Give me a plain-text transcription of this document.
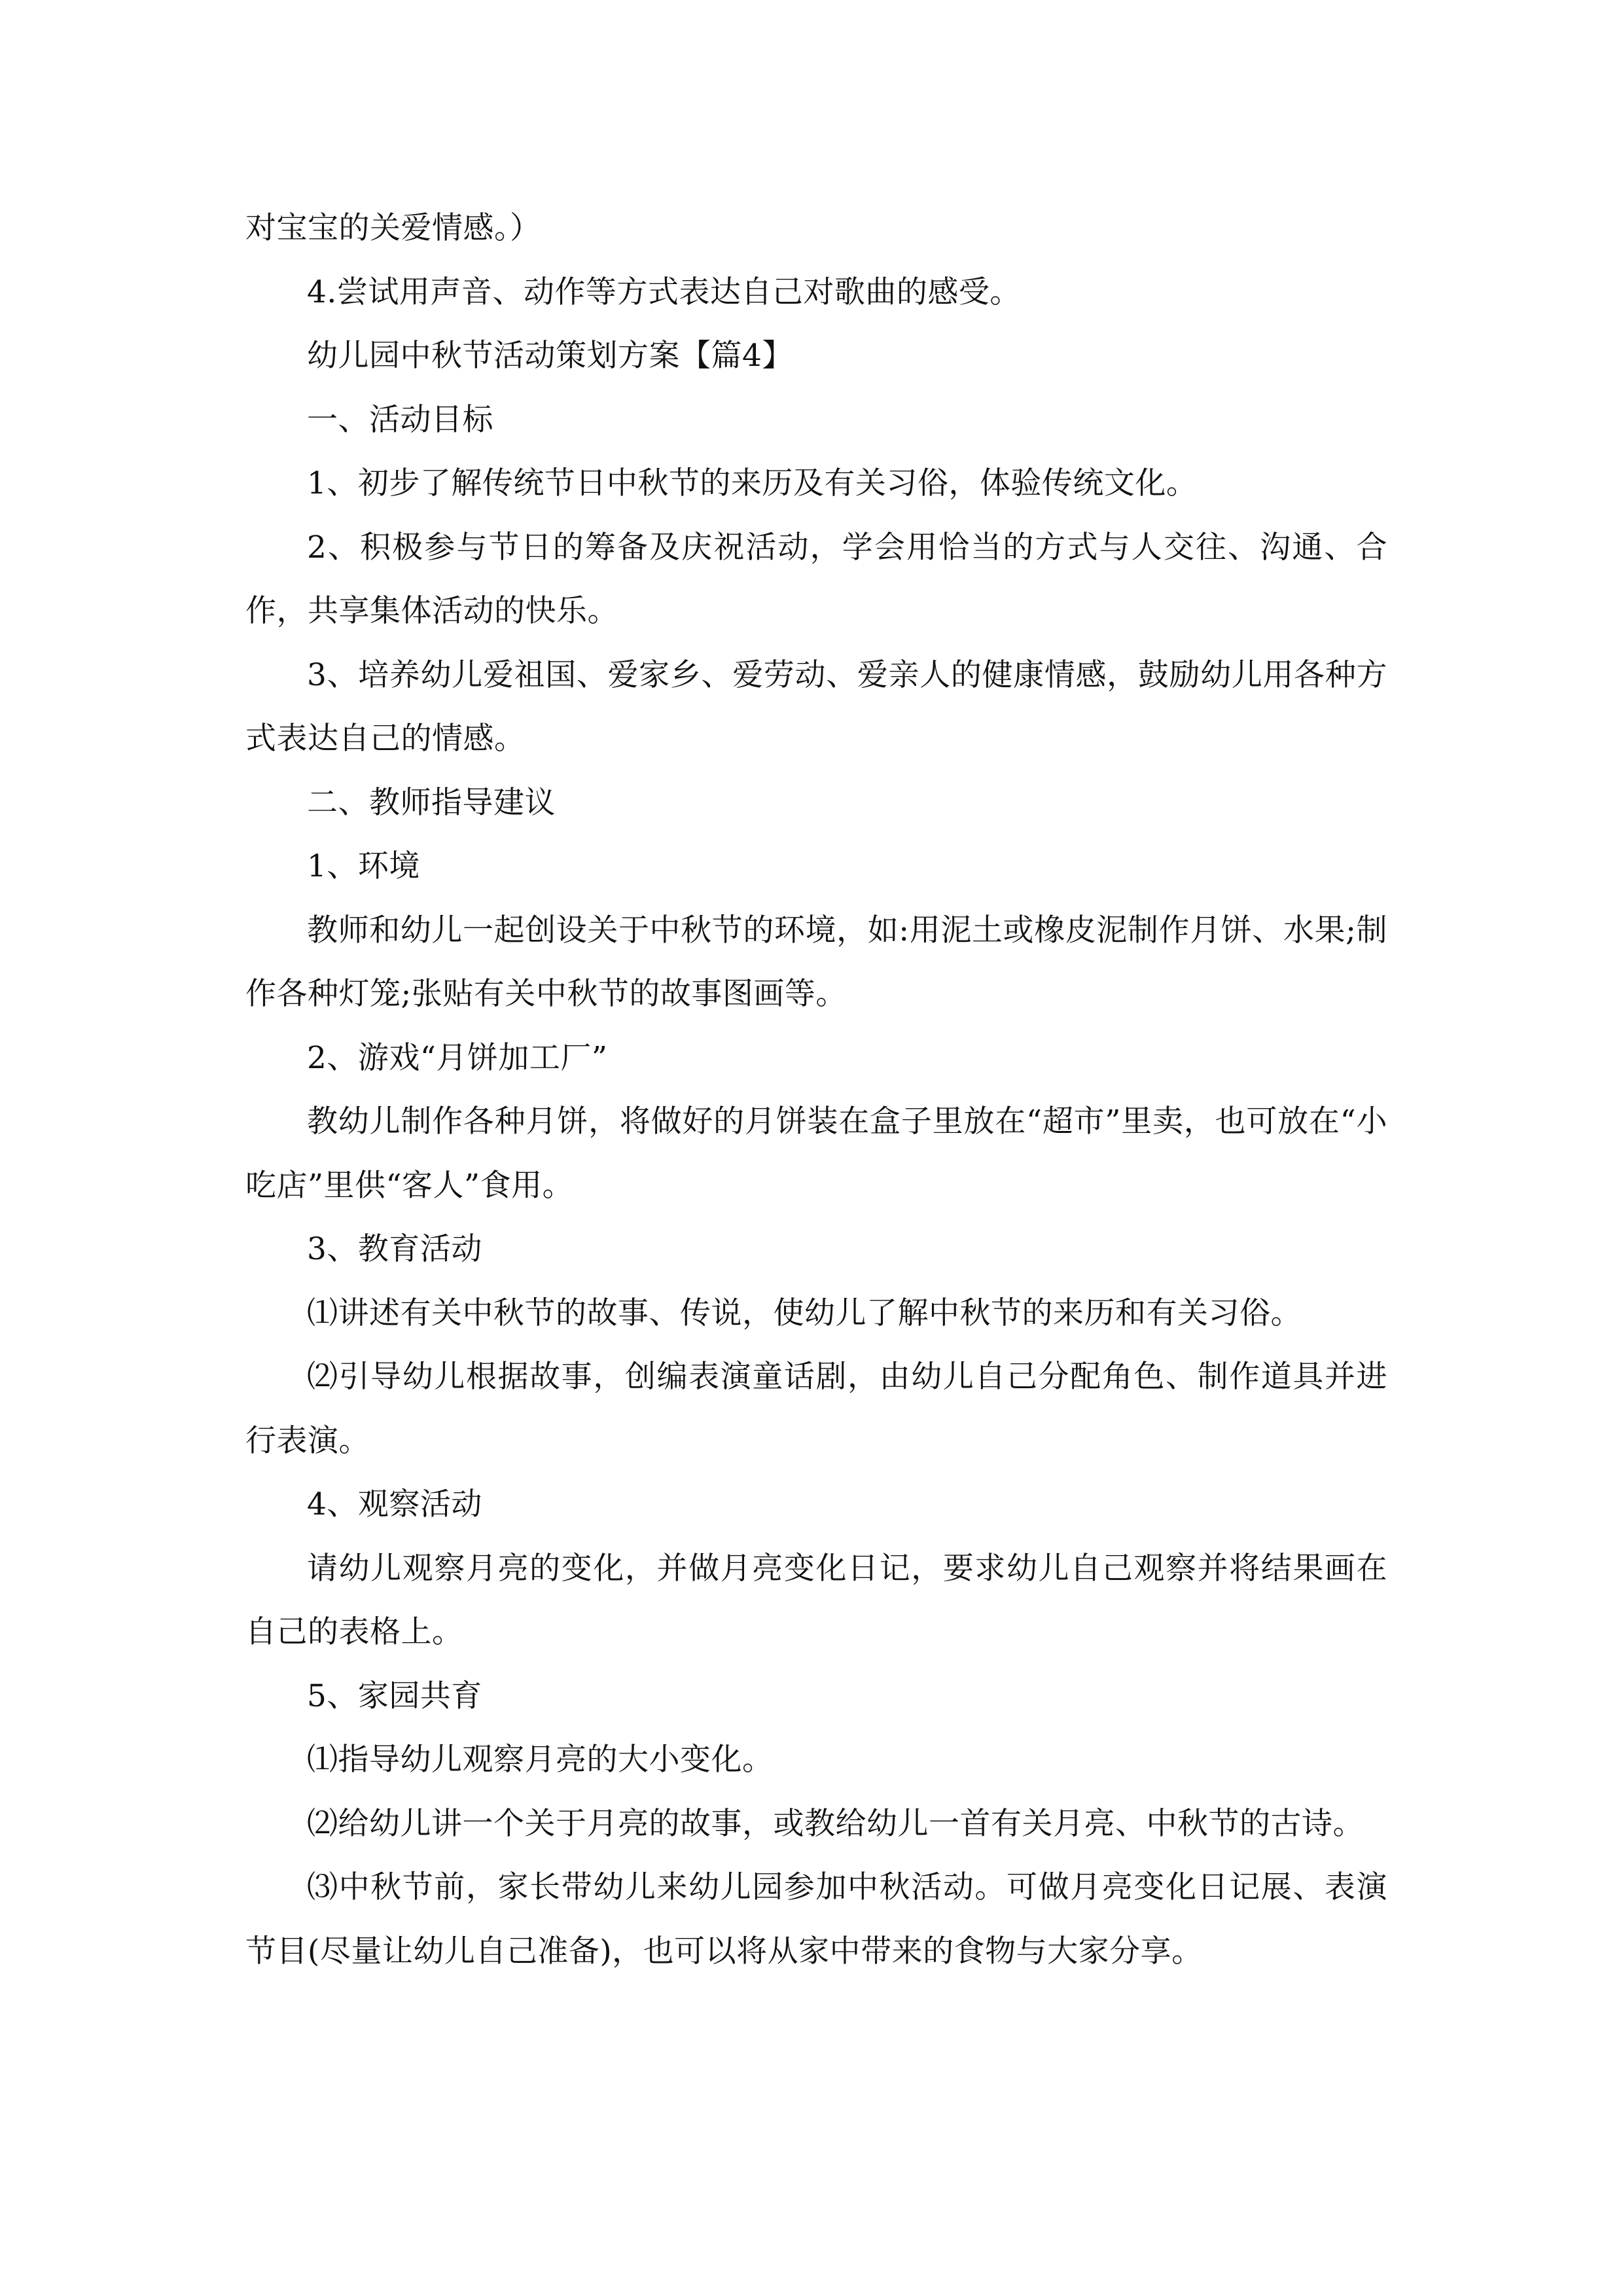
对宝宝的关爱情感。）

4.尝试用声音、动作等方式表达自己对歌曲的感受。

幼儿园中秋节活动策划方案【篇4】

一、活动目标

1、初步了解传统节日中秋节的来历及有关习俗，体验传统文化。

2、积极参与节日的筹备及庆祝活动，学会用恰当的方式与人交往、沟通、合作，共享集体活动的快乐。

3、培养幼儿爱祖国、爱家乡、爱劳动、爱亲人的健康情感，鼓励幼儿用各种方式表达自己的情感。

二、教师指导建议

1、环境

教师和幼儿一起创设关于中秋节的环境，如:用泥土或橡皮泥制作月饼、水果;制作各种灯笼;张贴有关中秋节的故事图画等。

2、游戏“月饼加工厂”

教幼儿制作各种月饼，将做好的月饼装在盒子里放在“超市”里卖，也可放在“小吃店”里供“客人”食用。

3、教育活动

⑴讲述有关中秋节的故事、传说，使幼儿了解中秋节的来历和有关习俗。

⑵引导幼儿根据故事，创编表演童话剧，由幼儿自己分配角色、制作道具并进行表演。

4、观察活动

请幼儿观察月亮的变化，并做月亮变化日记，要求幼儿自己观察并将结果画在自己的表格上。

5、家园共育

⑴指导幼儿观察月亮的大小变化。

⑵给幼儿讲一个关于月亮的故事，或教给幼儿一首有关月亮、中秋节的古诗。

⑶中秋节前，家长带幼儿来幼儿园参加中秋活动。可做月亮变化日记展、表演节目(尽量让幼儿自己准备)，也可以将从家中带来的食物与大家分享。
